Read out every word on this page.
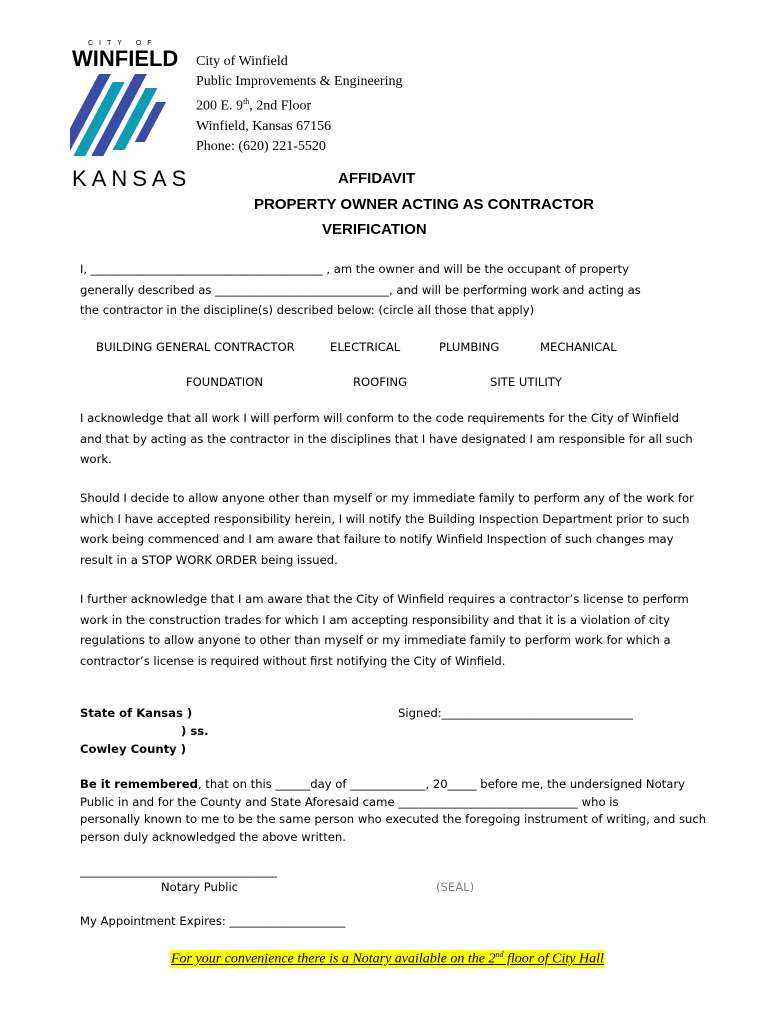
CITY OF
WINFIELD
KANSAS
City of Winfield
Public Improvements & Engineering
200 E. 9th, 2nd Floor
Winfield, Kansas 67156
Phone: (620) 221-5520
AFFIDAVIT
PROPERTY OWNER ACTING AS CONTRACTOR
VERIFICATION
I, ________________________________________ , am the owner and will be the occupant of property
generally described as ______________________________, and will be performing work and acting as
the contractor in the discipline(s) described below: (circle all those that apply)
BUILDING GENERAL CONTRACTOR	ELECTRICAL	PLUMBING	MECHANICAL
FOUNDATION	ROOFING	SITE UTILITY
I acknowledge that all work I will perform will conform to the code requirements for the City of Winfield
and that by acting as the contractor in the disciplines that I have designated I am responsible for all such
work.
Should I decide to allow anyone other than myself or my immediate family to perform any of the work for
which I have accepted responsibility herein, I will notify the Building Inspection Department prior to such
work being commenced and I am aware that failure to notify Winfield Inspection of such changes may
result in a STOP WORK ORDER being issued.
I further acknowledge that I am aware that the City of Winfield requires a contractor’s license to perform
work in the construction trades for which I am accepting responsibility and that it is a violation of city
regulations to allow anyone to other than myself or my immediate family to perform work for which a
contractor’s license is required without first notifying the City of Winfield.
State of Kansas )
) ss.
Cowley County )
Signed:_________________________________
Be it remembered, that on this ______day of _____________, 20_____ before me, the undersigned Notary
Public in and for the County and State Aforesaid came _______________________________ who is
personally known to me to be the same person who executed the foregoing instrument of writing, and such
person duly acknowledged the above written.
__________________________________
Notary Public	(SEAL)
My Appointment Expires: ____________________
For your convenience there is a Notary available on the 2nd floor of City Hall
